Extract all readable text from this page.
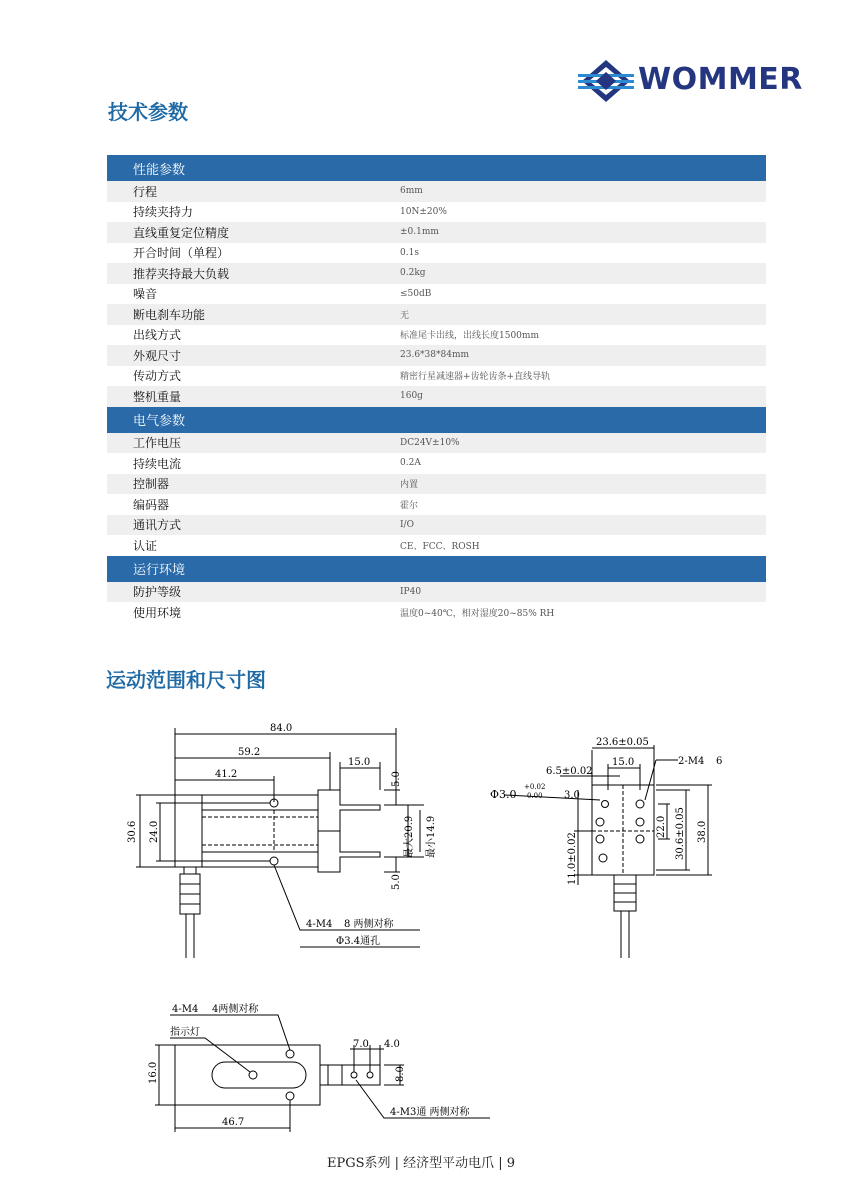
WOMMER
技术参数
性能参数
行程	6mm
持续夹持力	10N±20%
直线重复定位精度	±0.1mm
开合时间（单程）	0.1s
推荐夹持最大负载	0.2kg
噪音	≤50dB
断电刹车功能	无
出线方式	标准尾卡出线，出线长度1500mm
外观尺寸	23.6*38*84mm
传动方式	精密行星减速器+齿轮齿条+直线导轨
整机重量	160g
电气参数
工作电压	DC24V±10%
持续电流	0.2A
控制器	内置
编码器	霍尔
通讯方式	I/O
认证	CE、FCC、ROSH
运行环境
防护等级	IP40
使用环境	温度0~40℃，相对湿度20~85% RH
运动范围和尺寸图
84.0
59.2
41.2
15.0
5.0
5.0
最大20.9 最小14.9
30.6 24.0
4-M4 8 两侧对称
Φ3.4通孔
23.6±0.05
15.0
6.5±0.02
2-M4 6
Φ3.0
+0.02
0.00 3.0
22.0 30.6±0.05 38.0
11.0±0.02
4-M4 4两侧对称
指示灯
7.0 4.0
8.0
16.0
46.7
4-M3通 两侧对称
EPGS系列 | 经济型平动电爪 | 9
